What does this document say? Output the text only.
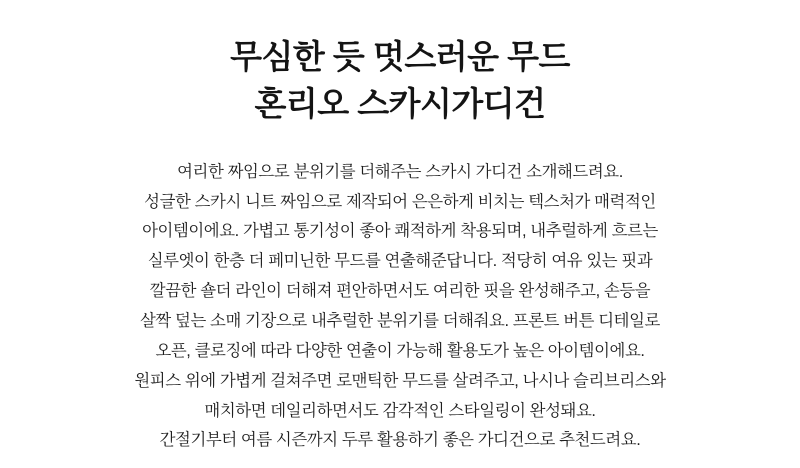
무심한 듯 멋스러운 무드
혼리오 스카시가디건
여리한 짜임으로 분위기를 더해주는 스카시 가디건 소개해드려요.
성글한 스카시 니트 짜임으로 제작되어 은은하게 비치는 텍스처가 매력적인
아이템이에요. 가볍고 통기성이 좋아 쾌적하게 착용되며, 내추럴하게 흐르는
실루엣이 한층 더 페미닌한 무드를 연출해준답니다. 적당히 여유 있는 핏과
깔끔한 숄더 라인이 더해져 편안하면서도 여리한 핏을 완성해주고, 손등을
살짝 덮는 소매 기장으로 내추럴한 분위기를 더해줘요. 프론트 버튼 디테일로
오픈, 클로징에 따라 다양한 연출이 가능해 활용도가 높은 아이템이에요.
원피스 위에 가볍게 걸쳐주면 로맨틱한 무드를 살려주고, 나시나 슬리브리스와
매치하면 데일리하면서도 감각적인 스타일링이 완성돼요.
간절기부터 여름 시즌까지 두루 활용하기 좋은 가디건으로 추천드려요.
